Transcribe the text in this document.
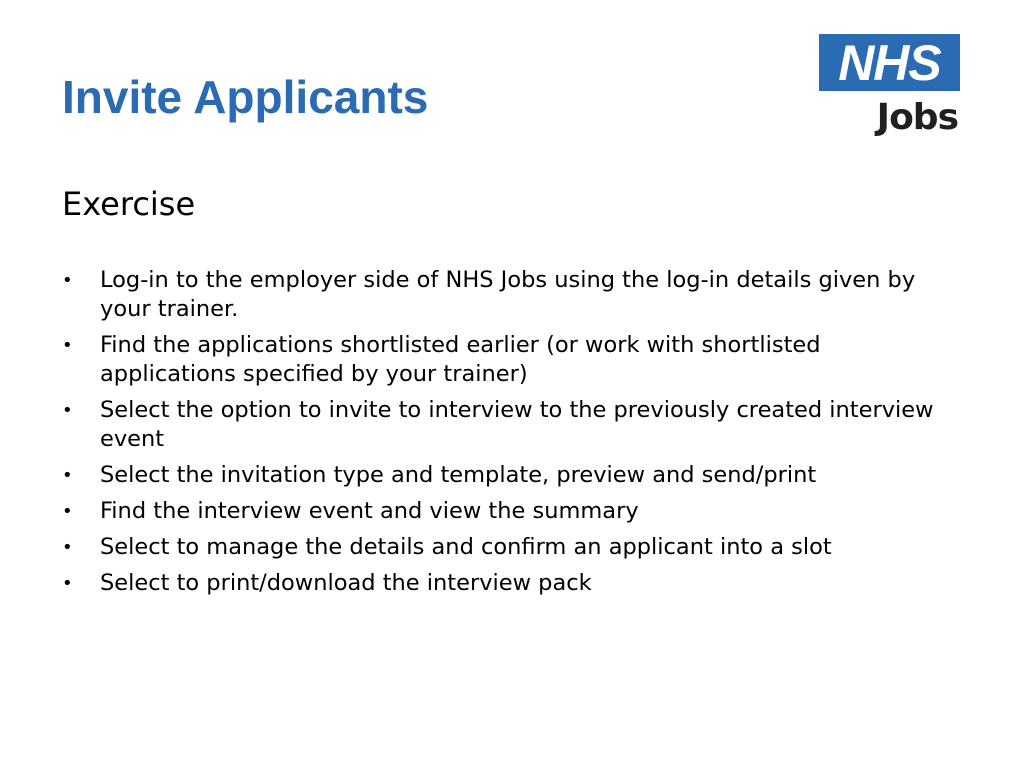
Invite Applicants
NHS
Jobs
Exercise
• Log-in to the employer side of NHS Jobs using the log-in details given by your trainer.
• Find the applications shortlisted earlier (or work with shortlisted applications specified by your trainer)
• Select the option to invite to interview to the previously created interview event
• Select the invitation type and template, preview and send/print
• Find the interview event and view the summary
• Select to manage the details and confirm an applicant into a slot
• Select to print/download the interview pack
